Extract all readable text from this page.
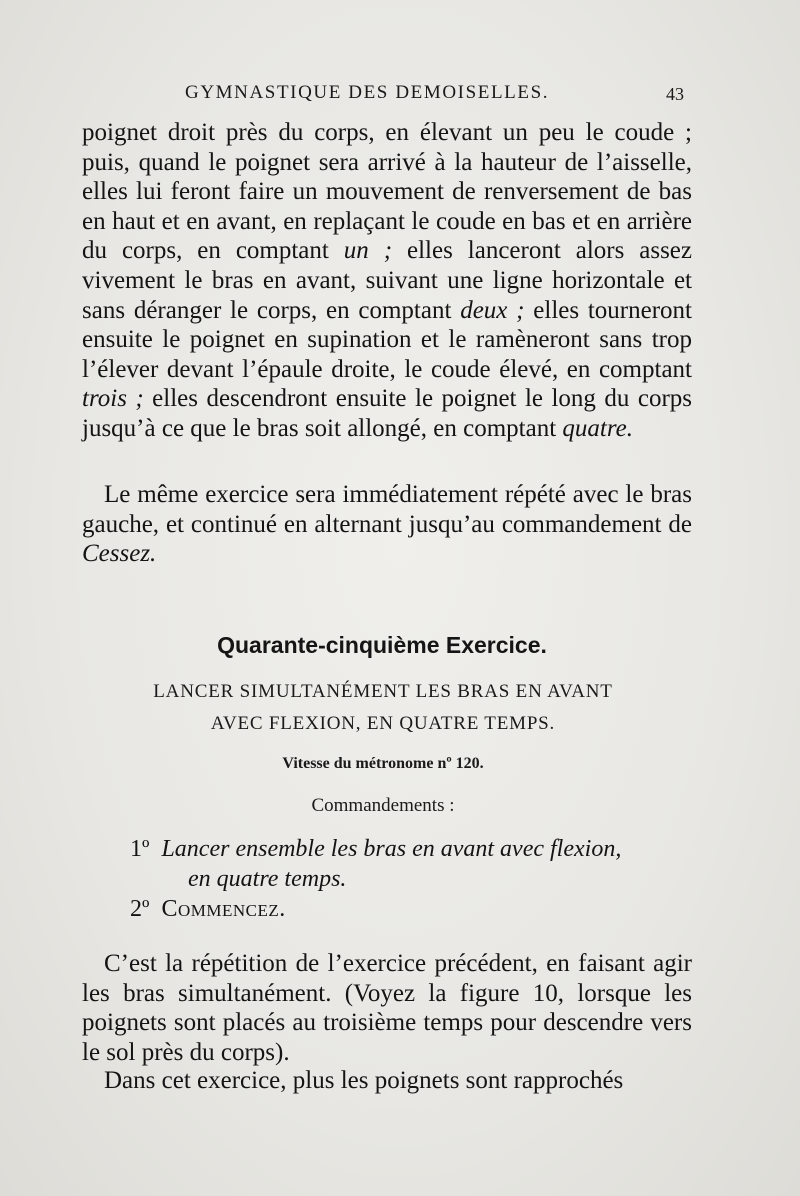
GYMNASTIQUE DES DEMOISELLES.	43

poignet droit près du corps, en élevant un peu le coude ; puis, quand le poignet sera arrivé à la hauteur de l’aisselle, elles lui feront faire un mouvement de renversement de bas en haut et en avant, en replaçant le coude en bas et en arrière du corps, en comptant un ; elles lanceront alors assez vivement le bras en avant, suivant une ligne horizontale et sans déranger le corps, en comptant deux ; elles tourneront ensuite le poignet en supination et le ramèneront sans trop l’élever devant l’épaule droite, le coude élevé, en comptant trois ; elles descendront ensuite le poignet le long du corps jusqu’à ce que le bras soit allongé, en comptant quatre.

Le même exercice sera immédiatement répété avec le bras gauche, et continué en alternant jusqu’au commandement de Cessez.

Quarante-cinquième Exercice.
LANCER SIMULTANÉMENT LES BRAS EN AVANT
AVEC FLEXION, EN QUATRE TEMPS.
Vitesse du métronome nº 120.
Commandements :
1º Lancer ensemble les bras en avant avec flexion,
en quatre temps.
2º Commencez.

C’est la répétition de l’exercice précédent, en faisant agir les bras simultanément. (Voyez la figure 10, lorsque les poignets sont placés au troisième temps pour descendre vers le sol près du corps).

Dans cet exercice, plus les poignets sont rapprochés
